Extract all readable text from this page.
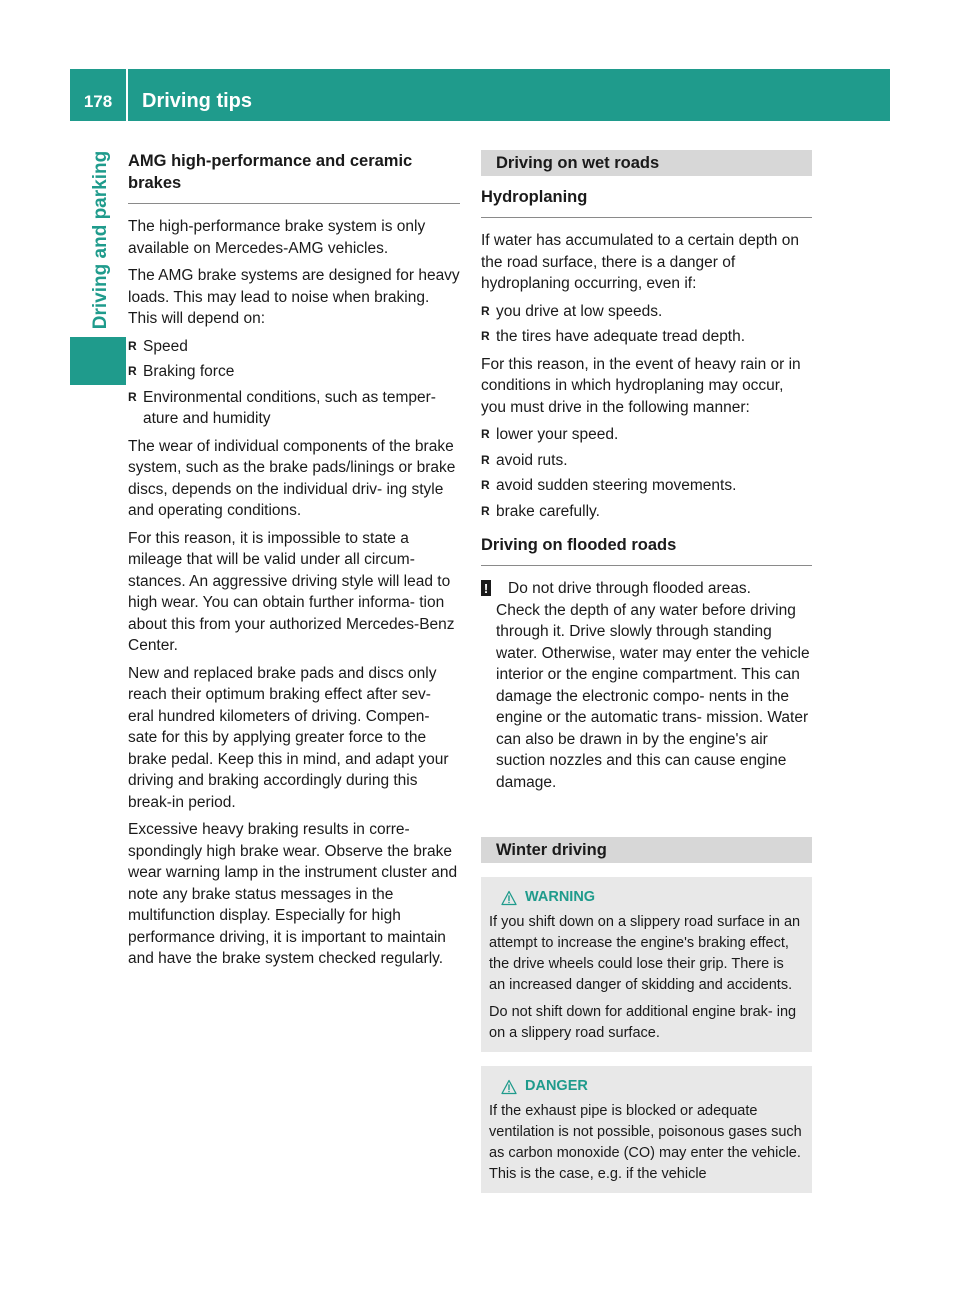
178	Driving tips
Driving and parking AMG high-performance and ceramic brakes

The high-performance brake system is only available on Mercedes-AMG vehicles.

The AMG brake systems are designed for heavy loads. This may lead to noise when braking. This will depend on:

R Speed
R Braking force
R Environmental conditions, such as temper- ature and humidity

The wear of individual components of the brake system, such as the brake pads/linings or brake discs, depends on the individual driv- ing style and operating conditions.

For this reason, it is impossible to state a mileage that will be valid under all circum- stances. An aggressive driving style will lead to high wear. You can obtain further informa- tion about this from your authorized Mercedes-Benz Center.

New and replaced brake pads and discs only reach their optimum braking effect after sev- eral hundred kilometers of driving. Compen- sate for this by applying greater force to the brake pedal. Keep this in mind, and adapt your driving and braking accordingly during this break-in period.

Excessive heavy braking results in corre- spondingly high brake wear. Observe the brake wear warning lamp in the instrument cluster and note any brake status messages in the multifunction display. Especially for high performance driving, it is important to maintain and have the brake system checked regularly.

Driving on wet roads
Hydroplaning

If water has accumulated to a certain depth on the road surface, there is a danger of hydroplaning occurring, even if:

R you drive at low speeds.
R the tires have adequate tread depth.

For this reason, in the event of heavy rain or in conditions in which hydroplaning may occur, you must drive in the following manner:

R lower your speed.
R avoid ruts.
R avoid sudden steering movements.
R brake carefully.
Driving on flooded roads
!	Do not drive through flooded areas.
Check the depth of any water before driving through it. Drive slowly through standing water. Otherwise, water may enter the vehicle interior or the engine compartment. This can damage the electronic compo- nents in the engine or the automatic trans- mission. Water can also be drawn in by the engine's air suction nozzles and this can cause engine damage.
Winter driving
WARNING

If you shift down on a slippery road surface in an attempt to increase the engine's braking effect, the drive wheels could lose their grip. There is an increased danger of skidding and accidents.

Do not shift down for additional engine brak- ing on a slippery road surface.

DANGER

If the exhaust pipe is blocked or adequate ventilation is not possible, poisonous gases such as carbon monoxide (CO) may enter the vehicle. This is the case, e.g. if the vehicle
